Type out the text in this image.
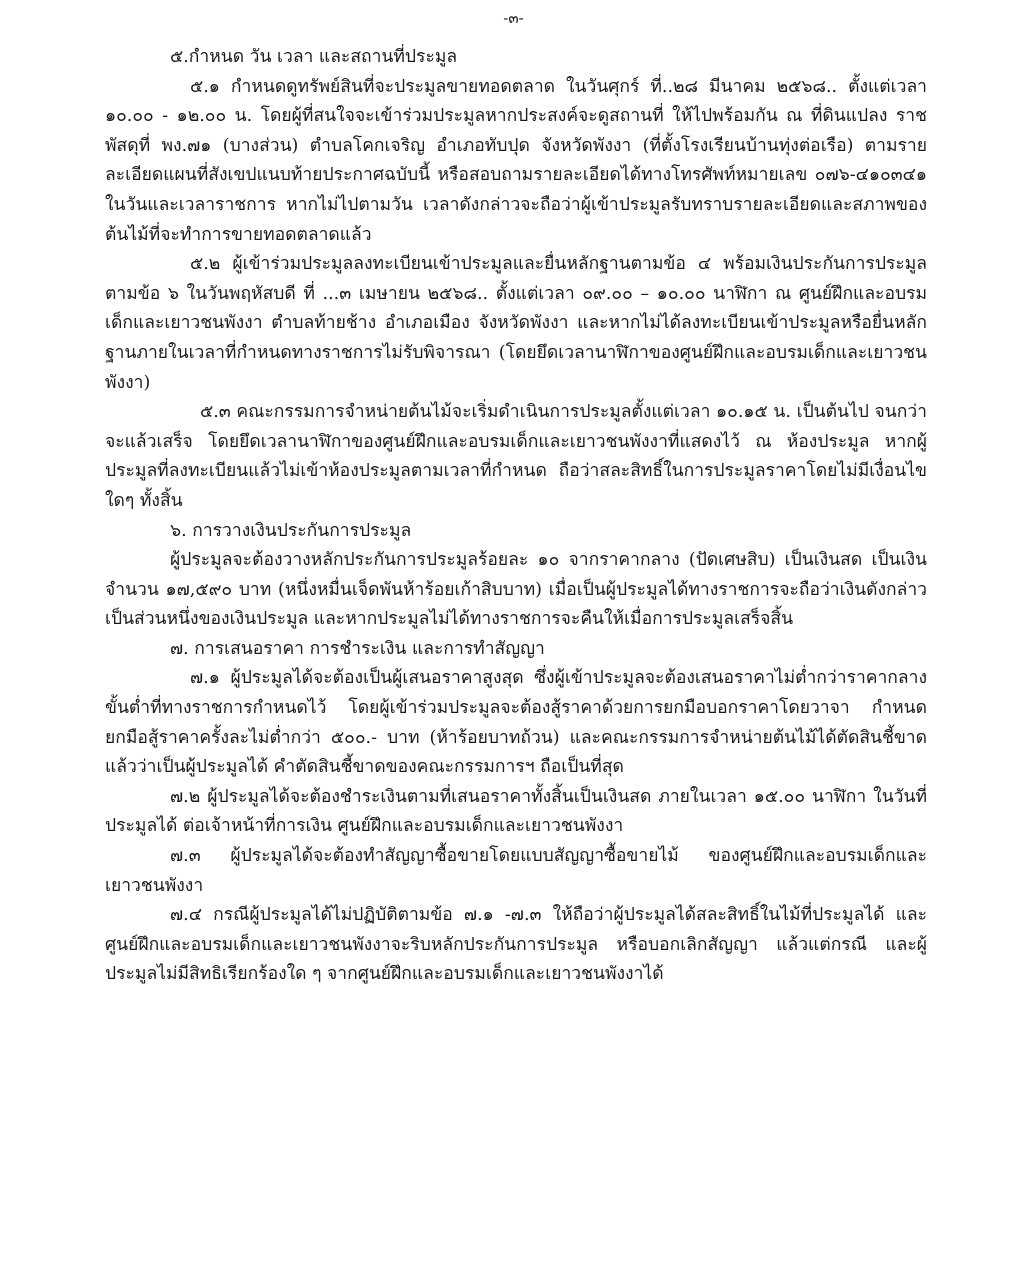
-๓-

๕.กำหนด วัน เวลา และสถานที่ประมูล

๕.๑ กำหนดดูทรัพย์สินที่จะประมูลขายทอดตลาด ในวันศุกร์ ที่..๒๘ มีนาคม ๒๕๖๘.. ตั้งแต่เวลา ๑๐.๐๐ - ๑๒.๐๐ น. โดยผู้ที่สนใจจะเข้าร่วมประมูลหากประสงค์จะดูสถานที่ ให้ไปพร้อมกัน ณ ที่ดินแปลง ราชพัสดุที่ พง.๗๑ (บางส่วน) ตำบลโคกเจริญ อำเภอทับปุด จังหวัดพังงา (ที่ตั้งโรงเรียนบ้านทุ่งต่อเรือ) ตามรายละเอียดแผนที่สังเขปแนบท้ายประกาศฉบับนี้ หรือสอบถามรายละเอียดได้ทางโทรศัพท์หมายเลข ๐๗๖-๔๑๐๓๔๑ ในวันและเวลาราชการ หากไม่ไปตามวัน เวลาดังกล่าวจะถือว่าผู้เข้าประมูลรับทราบรายละเอียดและสภาพของต้นไม้ที่จะทำการขายทอดตลาดแล้ว

๕.๒ ผู้เข้าร่วมประมูลลงทะเบียนเข้าประมูลและยื่นหลักฐานตามข้อ ๔ พร้อมเงินประกันการประมูลตามข้อ ๖ ในวันพฤหัสบดี ที่ ...๓ เมษายน ๒๕๖๘.. ตั้งแต่เวลา ๐๙.๐๐ – ๑๐.๐๐ นาฬิกา ณ ศูนย์ฝึกและอบรมเด็กและเยาวชนพังงา ตำบลท้ายช้าง อำเภอเมือง จังหวัดพังงา และหากไม่ได้ลงทะเบียนเข้าประมูลหรือยื่นหลักฐานภายในเวลาที่กำหนดทางราชการไม่รับพิจารณา (โดยยึดเวลานาฬิกาของศูนย์ฝึกและอบรมเด็กและเยาวชนพังงา)

๕.๓ คณะกรรมการจำหน่ายต้นไม้จะเริ่มดำเนินการประมูลตั้งแต่เวลา ๑๐.๑๕ น. เป็นต้นไป จนกว่าจะแล้วเสร็จ โดยยึดเวลานาฬิกาของศูนย์ฝึกและอบรมเด็กและเยาวชนพังงาที่แสดงไว้ ณ ห้องประมูล หากผู้ประมูลที่ลงทะเบียนแล้วไม่เข้าห้องประมูลตามเวลาที่กำหนด ถือว่าสละสิทธิ์ในการประมูลราคาโดยไม่มีเงื่อนไขใดๆ ทั้งสิ้น

๖. การวางเงินประกันการประมูล

ผู้ประมูลจะต้องวางหลักประกันการประมูลร้อยละ ๑๐ จากราคากลาง (ปัดเศษสิบ) เป็นเงินสด เป็นเงินจำนวน ๑๗,๕๙๐ บาท (หนึ่งหมื่นเจ็ดพันห้าร้อยเก้าสิบบาท) เมื่อเป็นผู้ประมูลได้ทางราชการจะถือว่าเงินดังกล่าวเป็นส่วนหนึ่งของเงินประมูล และหากประมูลไม่ได้ทางราชการจะคืนให้เมื่อการประมูลเสร็จสิ้น

๗. การเสนอราคา การชำระเงิน และการทำสัญญา

๗.๑ ผู้ประมูลได้จะต้องเป็นผู้เสนอราคาสูงสุด ซึ่งผู้เข้าประมูลจะต้องเสนอราคาไม่ต่ำกว่าราคากลางขั้นต่ำที่ทางราชการกำหนดไว้ โดยผู้เข้าร่วมประมูลจะต้องสู้ราคาด้วยการยกมือบอกราคาโดยวาจา กำหนดยกมือสู้ราคาครั้งละไม่ต่ำกว่า ๕๐๐.- บาท (ห้าร้อยบาทถ้วน) และคณะกรรมการจำหน่ายต้นไม้ได้ตัดสินชี้ขาดแล้วว่าเป็นผู้ประมูลได้ คำตัดสินชี้ขาดของคณะกรรมการฯ ถือเป็นที่สุด

๗.๒ ผู้ประมูลได้จะต้องชำระเงินตามที่เสนอราคาทั้งสิ้นเป็นเงินสด ภายในเวลา ๑๕.๐๐ นาฬิกา ในวันที่ประมูลได้ ต่อเจ้าหน้าที่การเงิน ศูนย์ฝึกและอบรมเด็กและเยาวชนพังงา

๗.๓ ผู้ประมูลได้จะต้องทำสัญญาซื้อขายโดยแบบสัญญาซื้อขายไม้ ของศูนย์ฝึกและอบรมเด็กและเยาวชนพังงา

๗.๔ กรณีผู้ประมูลได้ไม่ปฏิบัติตามข้อ ๗.๑ -๗.๓ ให้ถือว่าผู้ประมูลได้สละสิทธิ์ในไม้ที่ประมูลได้ และศูนย์ฝึกและอบรมเด็กและเยาวชนพังงาจะริบหลักประกันการประมูล หรือบอกเลิกสัญญา แล้วแต่กรณี และผู้ประมูลไม่มีสิทธิเรียกร้องใด ๆ จากศูนย์ฝึกและอบรมเด็กและเยาวชนพังงาได้
